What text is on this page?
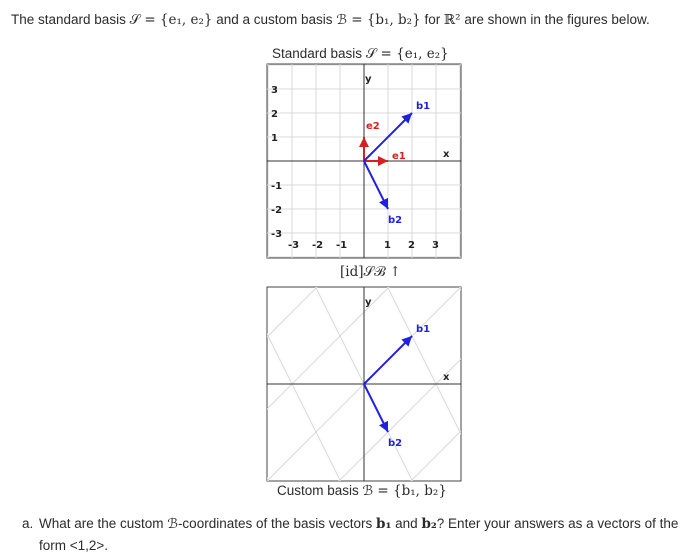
The standard basis 𝒮 = {e₁, e₂} and a custom basis ℬ = {b₁, b₂} for ℝ² are shown in the figures below.
Standard basis 𝒮 = {e₁, e₂}
y
x
-3 -2 -1	1 2 3
3
2
1
-1
-2
-3
e1
e2
b1
b2
[id]𝒮ℬ ↑
y
x
b1
b2
Custom basis ℬ = {b₁, b₂}
a. What are the custom ℬ-coordinates of the basis vectors b₁ and b₂? Enter your answers as a vectors of the form <1,2>.
